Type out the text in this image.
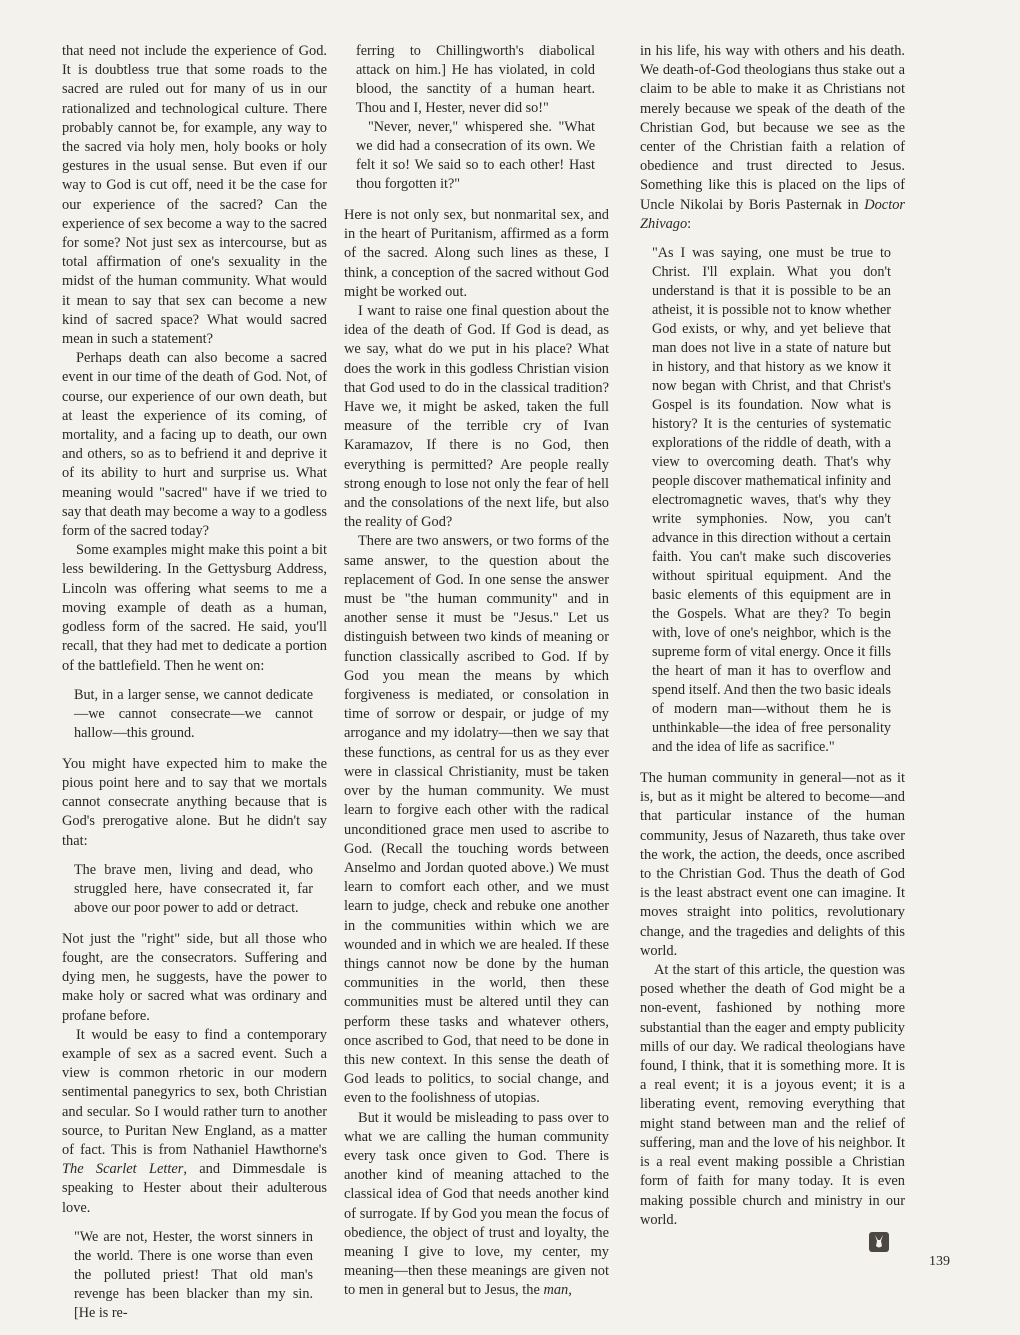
that need not include the experience of God. It is doubtless true that some roads to the sacred are ruled out for many of us in our rationalized and technological culture. There probably cannot be, for example, any way to the sacred via holy men, holy books or holy gestures in the usual sense. But even if our way to God is cut off, need it be the case for our experience of the sacred? Can the experience of sex become a way to the sacred for some? Not just sex as intercourse, but as total affirmation of one's sexuality in the midst of the human community. What would it mean to say that sex can become a new kind of sacred space? What would sacred mean in such a statement?

Perhaps death can also become a sacred event in our time of the death of God. Not, of course, our experience of our own death, but at least the experience of its coming, of mortality, and a facing up to death, our own and others, so as to befriend it and deprive it of its ability to hurt and surprise us. What meaning would "sacred" have if we tried to say that death may become a way to a godless form of the sacred today?

Some examples might make this point a bit less bewildering. In the Gettysburg Address, Lincoln was offering what seems to me a moving example of death as a human, godless form of the sacred. He said, you'll recall, that they had met to dedicate a portion of the battlefield. Then he went on:

But, in a larger sense, we cannot dedicate—we cannot consecrate—we cannot hallow—this ground.

You might have expected him to make the pious point here and to say that we mortals cannot consecrate anything because that is God's prerogative alone. But he didn't say that:

The brave men, living and dead, who struggled here, have consecrated it, far above our poor power to add or detract.

Not just the "right" side, but all those who fought, are the consecrators. Suffering and dying men, he suggests, have the power to make holy or sacred what was ordinary and profane before.

It would be easy to find a contemporary example of sex as a sacred event. Such a view is common rhetoric in our modern sentimental panegyrics to sex, both Christian and secular. So I would rather turn to another source, to Puritan New England, as a matter of fact. This is from Nathaniel Hawthorne's The Scarlet Letter, and Dimmesdale is speaking to Hester about their adulterous love.

"We are not, Hester, the worst sinners in the world. There is one worse than even the polluted priest! That old man's revenge has been blacker than my sin. [He is re-

ferring to Chillingworth's diabolical attack on him.] He has violated, in cold blood, the sanctity of a human heart. Thou and I, Hester, never did so!"

"Never, never," whispered she. "What we did had a consecration of its own. We felt it so! We said so to each other! Hast thou forgotten it?"

Here is not only sex, but nonmarital sex, and in the heart of Puritanism, affirmed as a form of the sacred. Along such lines as these, I think, a conception of the sacred without God might be worked out.

I want to raise one final question about the idea of the death of God. If God is dead, as we say, what do we put in his place? What does the work in this godless Christian vision that God used to do in the classical tradition? Have we, it might be asked, taken the full measure of the terrible cry of Ivan Karamazov, If there is no God, then everything is permitted? Are people really strong enough to lose not only the fear of hell and the consolations of the next life, but also the reality of God?

There are two answers, or two forms of the same answer, to the question about the replacement of God. In one sense the answer must be "the human community" and in another sense it must be "Jesus." Let us distinguish between two kinds of meaning or function classically ascribed to God. If by God you mean the means by which forgiveness is mediated, or consolation in time of sorrow or despair, or judge of my arrogance and my idolatry—then we say that these functions, as central for us as they ever were in classical Christianity, must be taken over by the human community. We must learn to forgive each other with the radical unconditioned grace men used to ascribe to God. (Recall the touching words between Anselmo and Jordan quoted above.) We must learn to comfort each other, and we must learn to judge, check and rebuke one another in the communities within which we are wounded and in which we are healed. If these things cannot now be done by the human communities in the world, then these communities must be altered until they can perform these tasks and whatever others, once ascribed to God, that need to be done in this new context. In this sense the death of God leads to politics, to social change, and even to the foolishness of utopias.

But it would be misleading to pass over to what we are calling the human community every task once given to God. There is another kind of meaning attached to the classical idea of God that needs another kind of surrogate. If by God you mean the focus of obedience, the object of trust and loyalty, the meaning I give to love, my center, my meaning—then these meanings are given not to men in general but to Jesus, the man,

in his life, his way with others and his death. We death-of-God theologians thus stake out a claim to be able to make it as Christians not merely because we speak of the death of the Christian God, but because we see as the center of the Christian faith a relation of obedience and trust directed to Jesus. Something like this is placed on the lips of Uncle Nikolai by Boris Pasternak in Doctor Zhivago:

"As I was saying, one must be true to Christ. I'll explain. What you don't understand is that it is possible to be an atheist, it is possible not to know whether God exists, or why, and yet believe that man does not live in a state of nature but in history, and that history as we know it now began with Christ, and that Christ's Gospel is its foundation. Now what is history? It is the centuries of systematic explorations of the riddle of death, with a view to overcoming death. That's why people discover mathematical infinity and electromagnetic waves, that's why they write symphonies. Now, you can't advance in this direction without a certain faith. You can't make such discoveries without spiritual equipment. And the basic elements of this equipment are in the Gospels. What are they? To begin with, love of one's neighbor, which is the supreme form of vital energy. Once it fills the heart of man it has to overflow and spend itself. And then the two basic ideals of modern man—without them he is unthinkable—the idea of free personality and the idea of life as sacrifice."

The human community in general—not as it is, but as it might be altered to become—and that particular instance of the human community, Jesus of Nazareth, thus take over the work, the action, the deeds, once ascribed to the Christian God. Thus the death of God is the least abstract event one can imagine. It moves straight into politics, revolutionary change, and the tragedies and delights of this world.

At the start of this article, the question was posed whether the death of God might be a non-event, fashioned by nothing more substantial than the eager and empty publicity mills of our day. We radical theologians have found, I think, that it is something more. It is a real event; it is a joyous event; it is a liberating event, removing everything that might stand between man and the relief of suffering, man and the love of his neighbor. It is a real event making possible a Christian form of faith for many today. It is even making possible church and ministry in our world.

139
